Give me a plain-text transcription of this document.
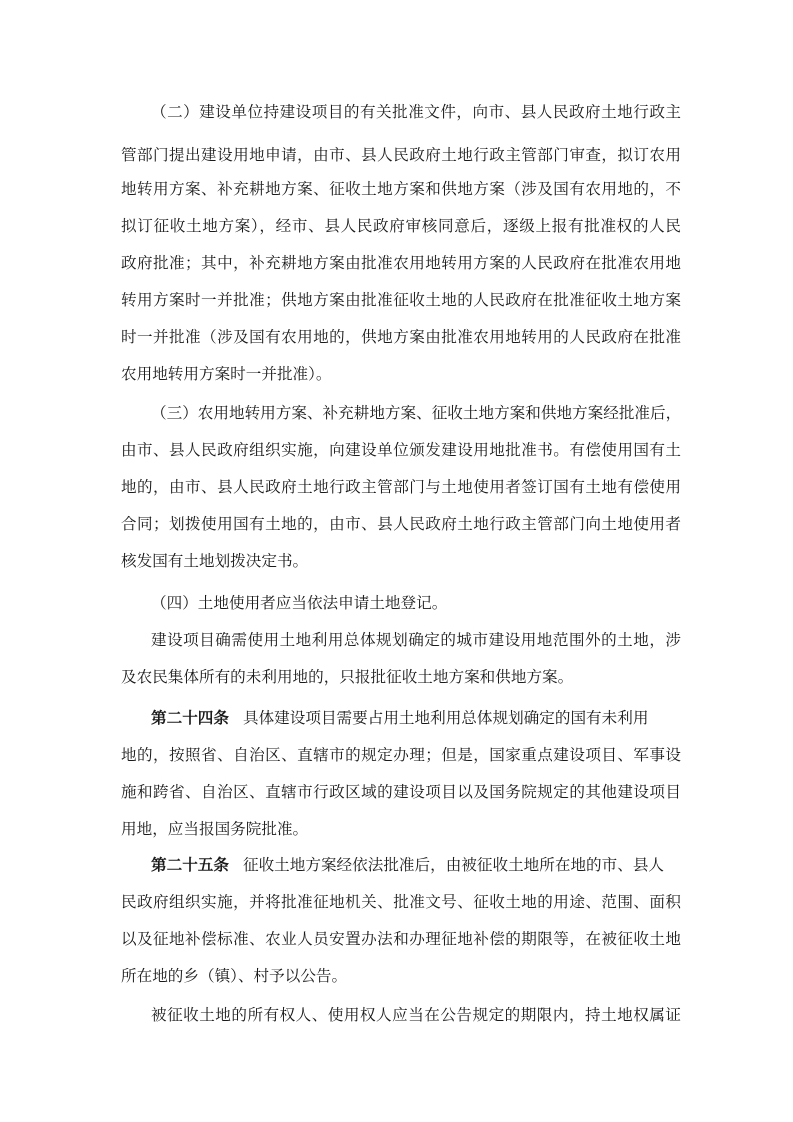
（二）建设单位持建设项目的有关批准文件，向市、县人民政府土地行政主
管部门提出建设用地申请，由市、县人民政府土地行政主管部门审查，拟订农用
地转用方案、补充耕地方案、征收土地方案和供地方案（涉及国有农用地的，不
拟订征收土地方案），经市、县人民政府审核同意后，逐级上报有批准权的人民
政府批准；其中，补充耕地方案由批准农用地转用方案的人民政府在批准农用地
转用方案时一并批准；供地方案由批准征收土地的人民政府在批准征收土地方案
时一并批准（涉及国有农用地的，供地方案由批准农用地转用的人民政府在批准
农用地转用方案时一并批准）。
（三）农用地转用方案、补充耕地方案、征收土地方案和供地方案经批准后，
由市、县人民政府组织实施，向建设单位颁发建设用地批准书。有偿使用国有土
地的，由市、县人民政府土地行政主管部门与土地使用者签订国有土地有偿使用
合同；划拨使用国有土地的，由市、县人民政府土地行政主管部门向土地使用者
核发国有土地划拨决定书。
（四）土地使用者应当依法申请土地登记。
建设项目确需使用土地利用总体规划确定的城市建设用地范围外的土地，涉
及农民集体所有的未利用地的，只报批征收土地方案和供地方案。
第二十四条 具体建设项目需要占用土地利用总体规划确定的国有未利用
地的，按照省、自治区、直辖市的规定办理；但是，国家重点建设项目、军事设
施和跨省、自治区、直辖市行政区域的建设项目以及国务院规定的其他建设项目
用地，应当报国务院批准。
第二十五条 征收土地方案经依法批准后，由被征收土地所在地的市、县人
民政府组织实施，并将批准征地机关、批准文号、征收土地的用途、范围、面积
以及征地补偿标准、农业人员安置办法和办理征地补偿的期限等，在被征收土地
所在地的乡（镇）、村予以公告。
被征收土地的所有权人、使用权人应当在公告规定的期限内，持土地权属证
